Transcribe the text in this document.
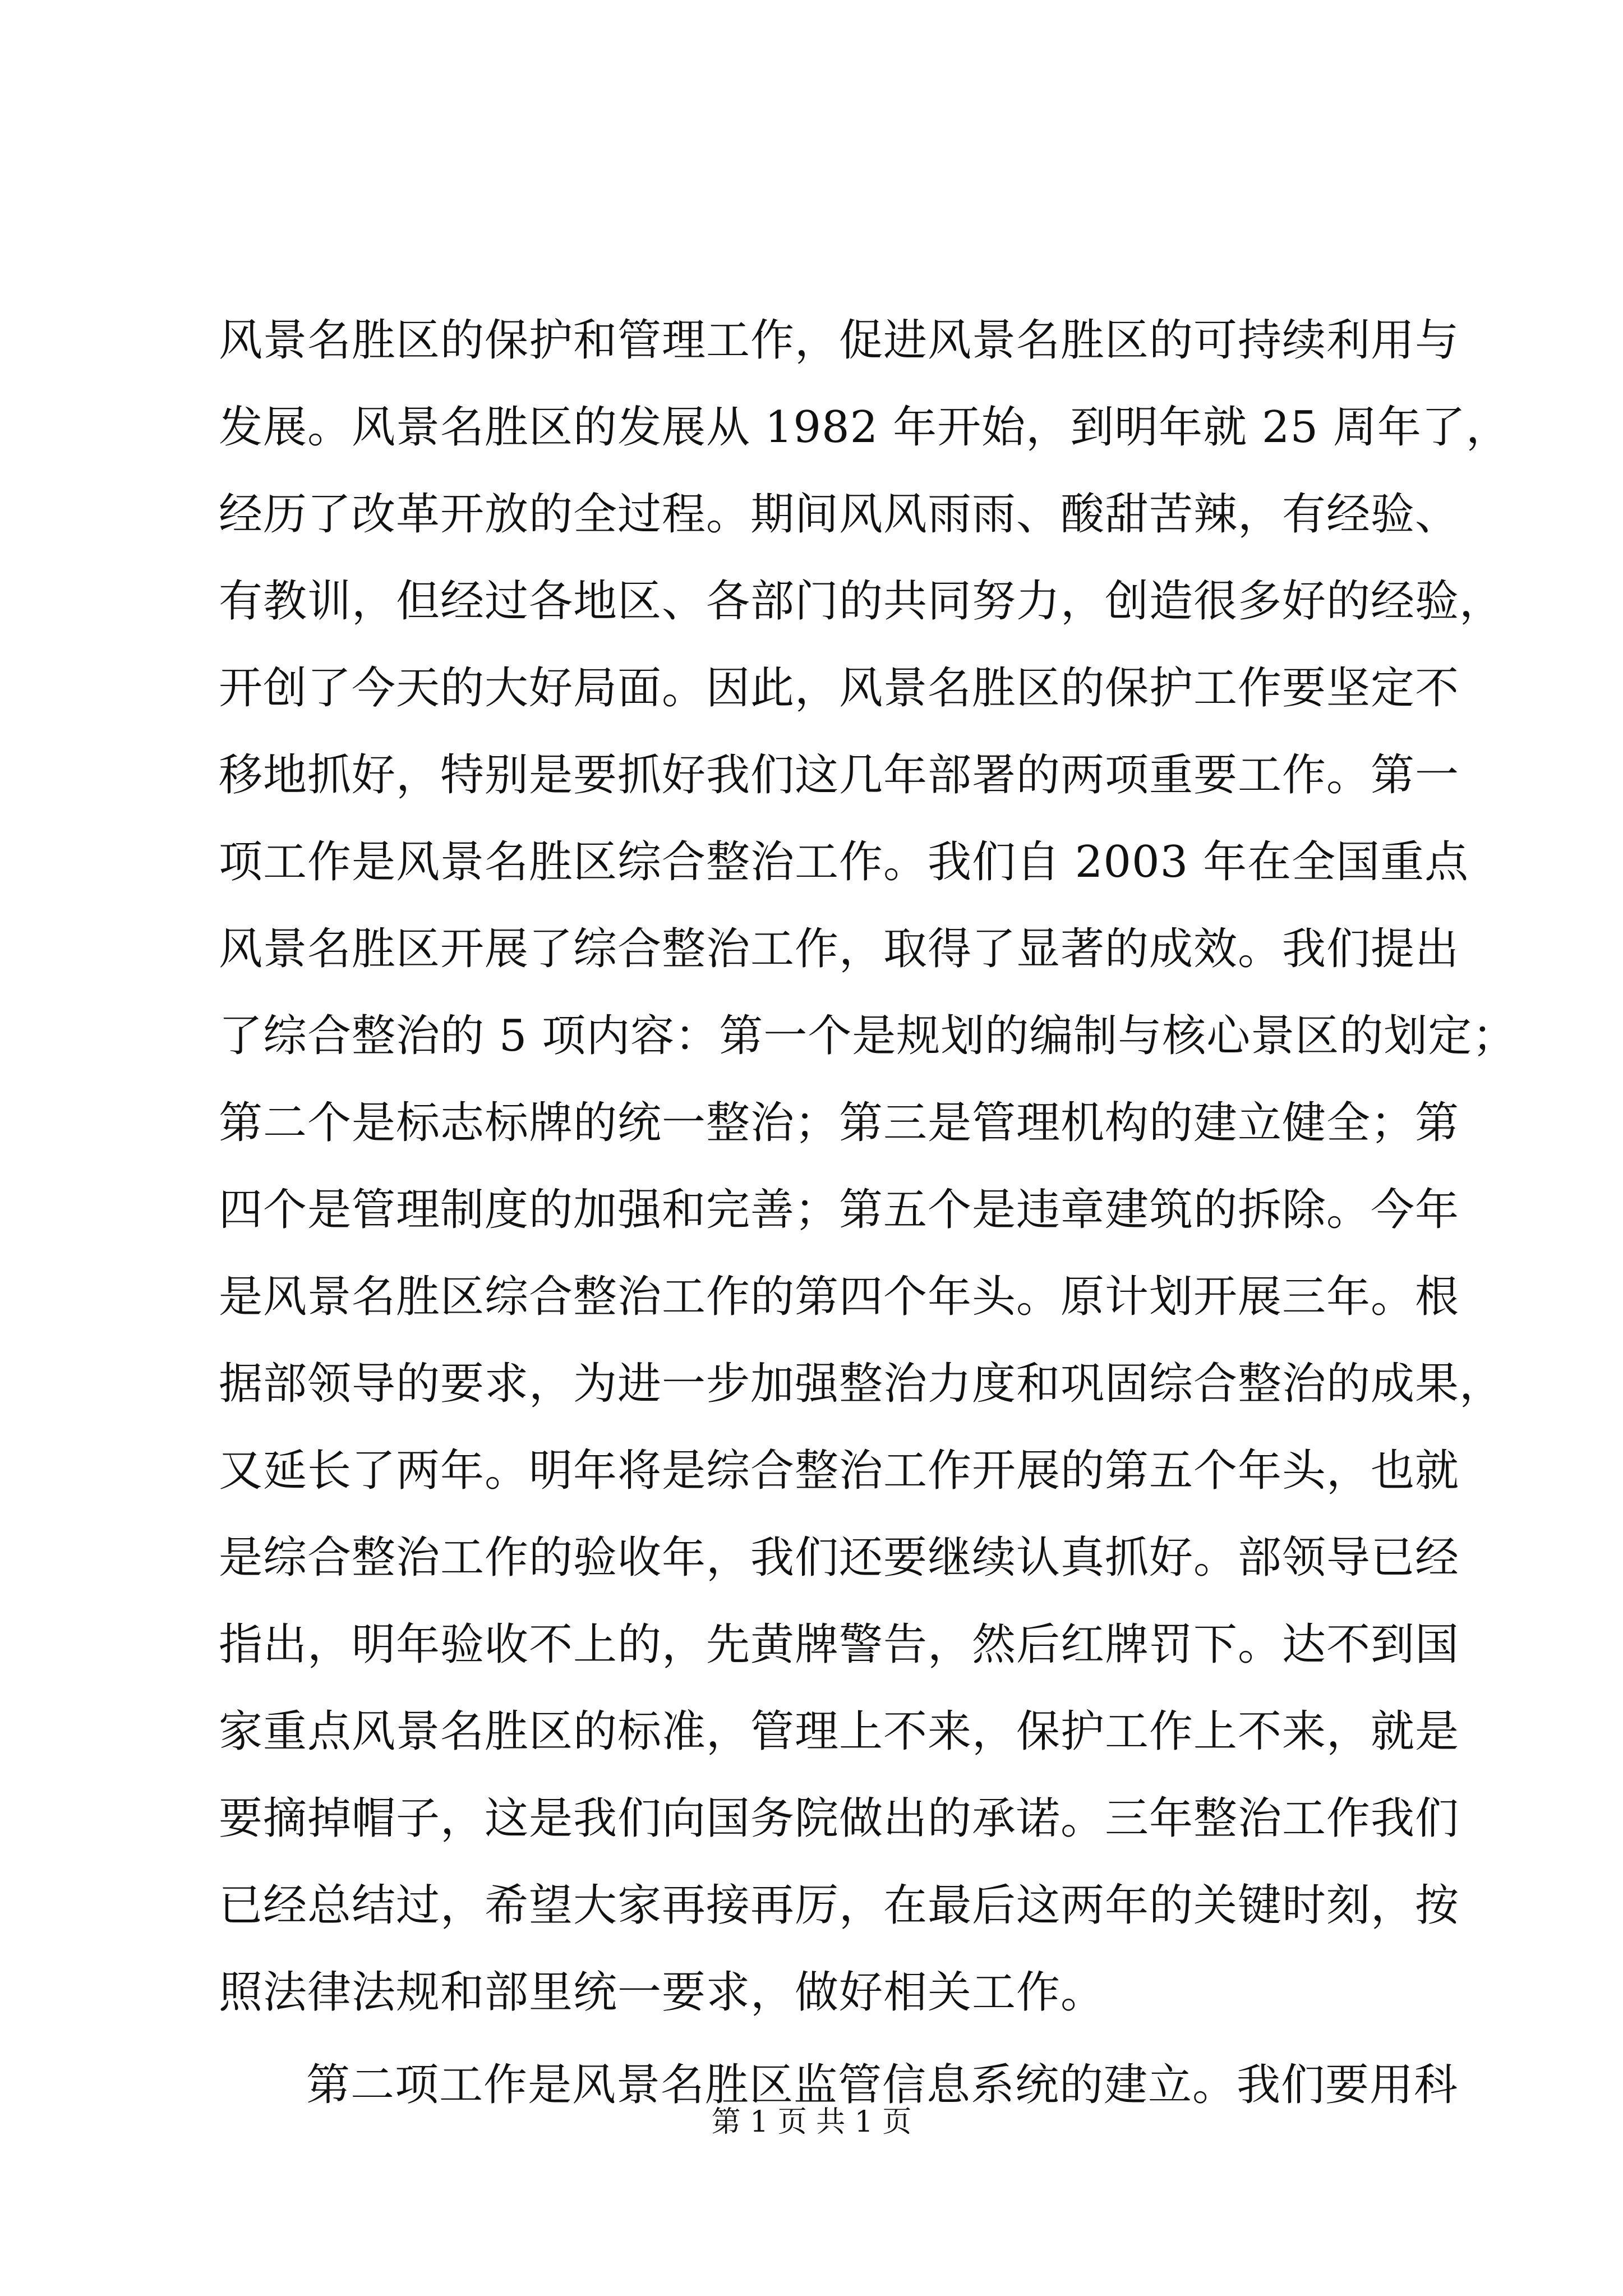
风景名胜区的保护和管理工作，促进风景名胜区的可持续利用与
发展。风景名胜区的发展从 1982 年开始，到明年就 25 周年了，
经历了改革开放的全过程。期间风风雨雨、酸甜苦辣，有经验、
有教训，但经过各地区、各部门的共同努力，创造很多好的经验，
开创了今天的大好局面。因此，风景名胜区的保护工作要坚定不
移地抓好，特别是要抓好我们这几年部署的两项重要工作。第一
项工作是风景名胜区综合整治工作。我们自 2003 年在全国重点
风景名胜区开展了综合整治工作，取得了显著的成效。我们提出
了综合整治的 5 项内容：第一个是规划的编制与核心景区的划定；
第二个是标志标牌的统一整治；第三是管理机构的建立健全；第
四个是管理制度的加强和完善；第五个是违章建筑的拆除。今年
是风景名胜区综合整治工作的第四个年头。原计划开展三年。根
据部领导的要求，为进一步加强整治力度和巩固综合整治的成果，
又延长了两年。明年将是综合整治工作开展的第五个年头，也就
是综合整治工作的验收年，我们还要继续认真抓好。部领导已经
指出，明年验收不上的，先黄牌警告，然后红牌罚下。达不到国
家重点风景名胜区的标准，管理上不来，保护工作上不来，就是
要摘掉帽子，这是我们向国务院做出的承诺。三年整治工作我们
已经总结过，希望大家再接再厉，在最后这两年的关键时刻，按
照法律法规和部里统一要求，做好相关工作。
第二项工作是风景名胜区监管信息系统的建立。我们要用科
第 1 页 共 1 页
